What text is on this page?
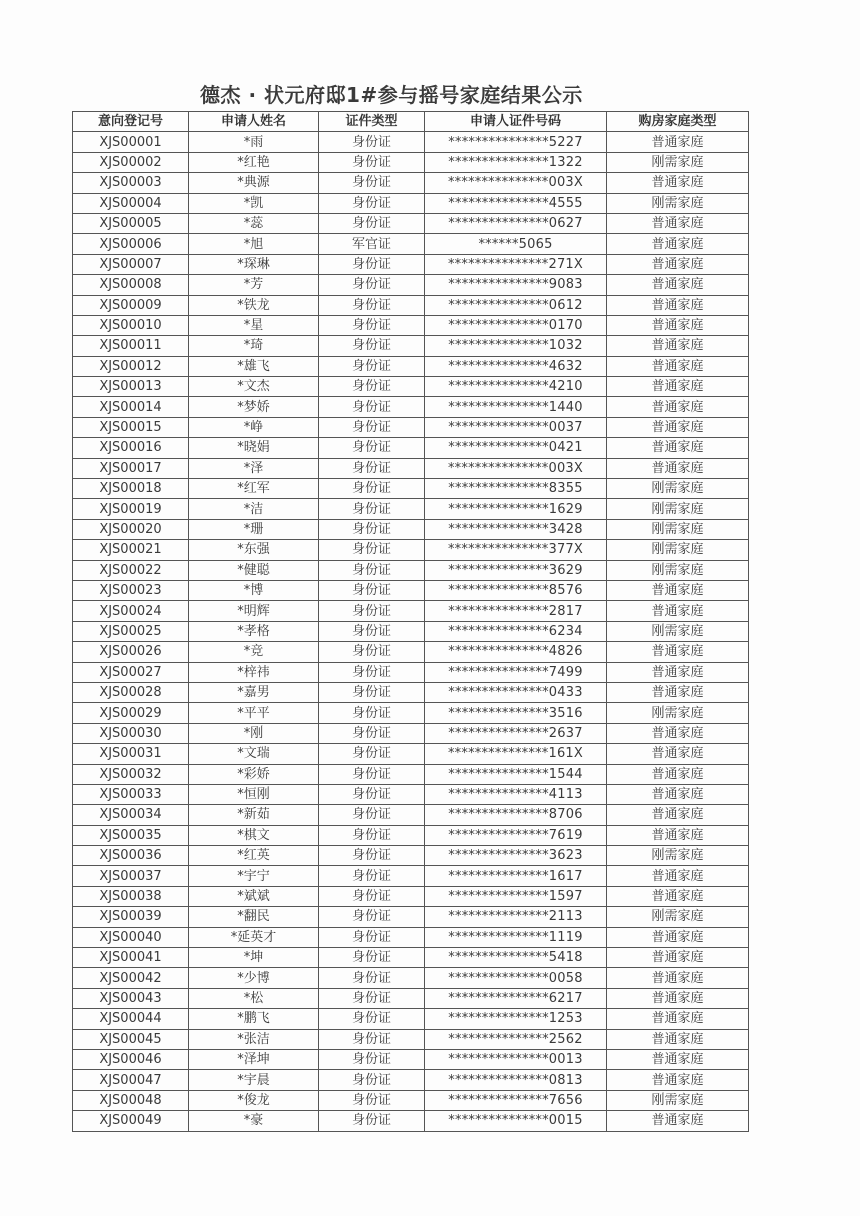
德杰 · 状元府邸1#参与摇号家庭结果公示
意向登记号	申请人姓名	证件类型	申请人证件号码	购房家庭类型
XJS00001	*雨	身份证	***************5227	普通家庭
XJS00002	*红艳	身份证	***************1322	刚需家庭
XJS00003	*典源	身份证	***************003X	普通家庭
XJS00004	*凯	身份证	***************4555	刚需家庭
XJS00005	*蕊	身份证	***************0627	普通家庭
XJS00006	*旭	军官证	******5065	普通家庭
XJS00007	*琛琳	身份证	***************271X	普通家庭
XJS00008	*芳	身份证	***************9083	普通家庭
XJS00009	*铁龙	身份证	***************0612	普通家庭
XJS00010	*星	身份证	***************0170	普通家庭
XJS00011	*琦	身份证	***************1032	普通家庭
XJS00012	*雄飞	身份证	***************4632	普通家庭
XJS00013	*文杰	身份证	***************4210	普通家庭
XJS00014	*梦娇	身份证	***************1440	普通家庭
XJS00015	*峥	身份证	***************0037	普通家庭
XJS00016	*晓娟	身份证	***************0421	普通家庭
XJS00017	*泽	身份证	***************003X	普通家庭
XJS00018	*红军	身份证	***************8355	刚需家庭
XJS00019	*洁	身份证	***************1629	刚需家庭
XJS00020	*珊	身份证	***************3428	刚需家庭
XJS00021	*东强	身份证	***************377X	刚需家庭
XJS00022	*健聪	身份证	***************3629	刚需家庭
XJS00023	*博	身份证	***************8576	普通家庭
XJS00024	*明辉	身份证	***************2817	普通家庭
XJS00025	*孝格	身份证	***************6234	刚需家庭
XJS00026	*竞	身份证	***************4826	普通家庭
XJS00027	*梓祎	身份证	***************7499	普通家庭
XJS00028	*嘉男	身份证	***************0433	普通家庭
XJS00029	*平平	身份证	***************3516	刚需家庭
XJS00030	*刚	身份证	***************2637	普通家庭
XJS00031	*文瑞	身份证	***************161X	普通家庭
XJS00032	*彩娇	身份证	***************1544	普通家庭
XJS00033	*恒刚	身份证	***************4113	普通家庭
XJS00034	*新茹	身份证	***************8706	普通家庭
XJS00035	*棋文	身份证	***************7619	普通家庭
XJS00036	*红英	身份证	***************3623	刚需家庭
XJS00037	*宇宁	身份证	***************1617	普通家庭
XJS00038	*斌斌	身份证	***************1597	普通家庭
XJS00039	*翻民	身份证	***************2113	刚需家庭
XJS00040	*延英才	身份证	***************1119	普通家庭
XJS00041	*坤	身份证	***************5418	普通家庭
XJS00042	*少博	身份证	***************0058	普通家庭
XJS00043	*松	身份证	***************6217	普通家庭
XJS00044	*鹏飞	身份证	***************1253	普通家庭
XJS00045	*张洁	身份证	***************2562	普通家庭
XJS00046	*泽坤	身份证	***************0013	普通家庭
XJS00047	*宇晨	身份证	***************0813	普通家庭
XJS00048	*俊龙	身份证	***************7656	刚需家庭
XJS00049	*豪	身份证	***************0015	普通家庭
